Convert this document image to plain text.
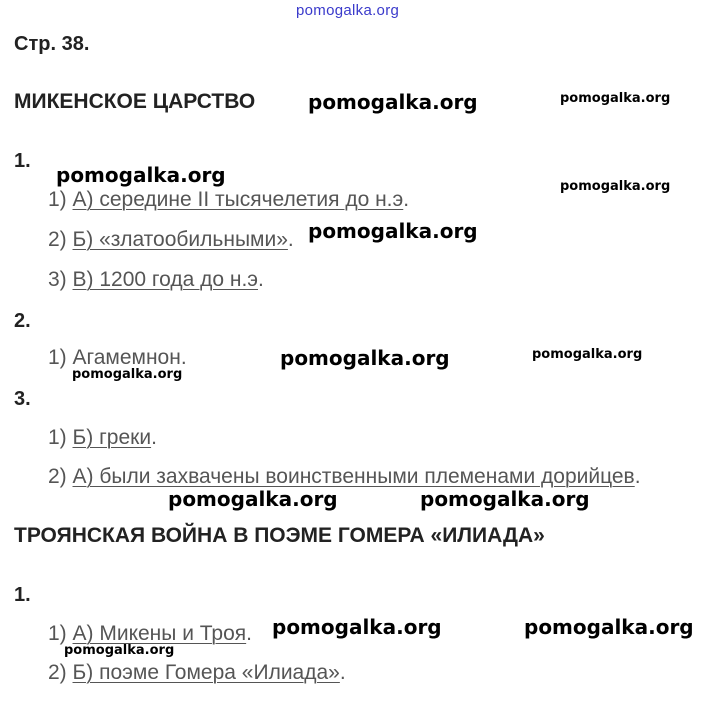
pomogalka.org
Стр. 38.
МИКЕНСКОЕ ЦАРСТВО
1.
1) А) середине II тысячелетия до н.э.
2) Б) «златообильными».
3) В) 1200 года до н.э.
2.
1) Агамемнон.
3.
1) Б) греки.
2) А) были захвачены воинственными племенами дорийцев.
ТРОЯНСКАЯ ВОЙНА В ПОЭМЕ ГОМЕРА «ИЛИАДА»
1.
1) А) Микены и Троя.
2) Б) поэме Гомера «Илиада».
pomogalka.org	pomogalka.org
pomogalka.org	pomogalka.org
pomogalka.org
pomogalka.org	pomogalka.org
pomogalka.org
pomogalka.org	pomogalka.org
pomogalka.org	pomogalka.org
pomogalka.org
